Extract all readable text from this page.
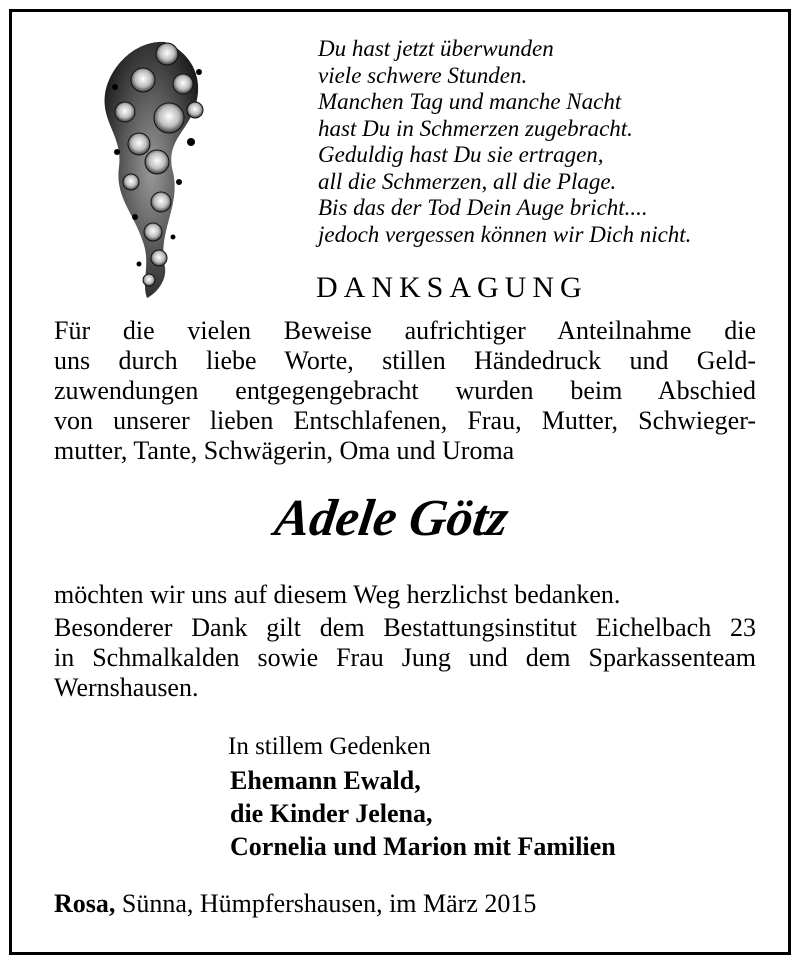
Du hast jetzt überwunden
viele schwere Stunden.
Manchen Tag und manche Nacht
hast Du in Schmerzen zugebracht.
Geduldig hast Du sie ertragen,
all die Schmerzen, all die Plage.
Bis das der Tod Dein Auge bricht....
jedoch vergessen können wir Dich nicht.
DANKSAGUNG
Für die vielen Beweise aufrichtiger Anteilnahme die
uns durch liebe Worte, stillen Händedruck und Geld-
zuwendungen entgegengebracht wurden beim Abschied
von unserer lieben Entschlafenen, Frau, Mutter, Schwieger-
mutter, Tante, Schwägerin, Oma und Uroma
Adele Götz
möchten wir uns auf diesem Weg herzlichst bedanken.
Besonderer Dank gilt dem Bestattungsinstitut Eichelbach 23
in Schmalkalden sowie Frau Jung und dem Sparkassenteam
Wernshausen.
In stillem Gedenken
Ehemann Ewald,
die Kinder Jelena,
Cornelia und Marion mit Familien
Rosa, Sünna, Hümpfershausen, im März 2015
